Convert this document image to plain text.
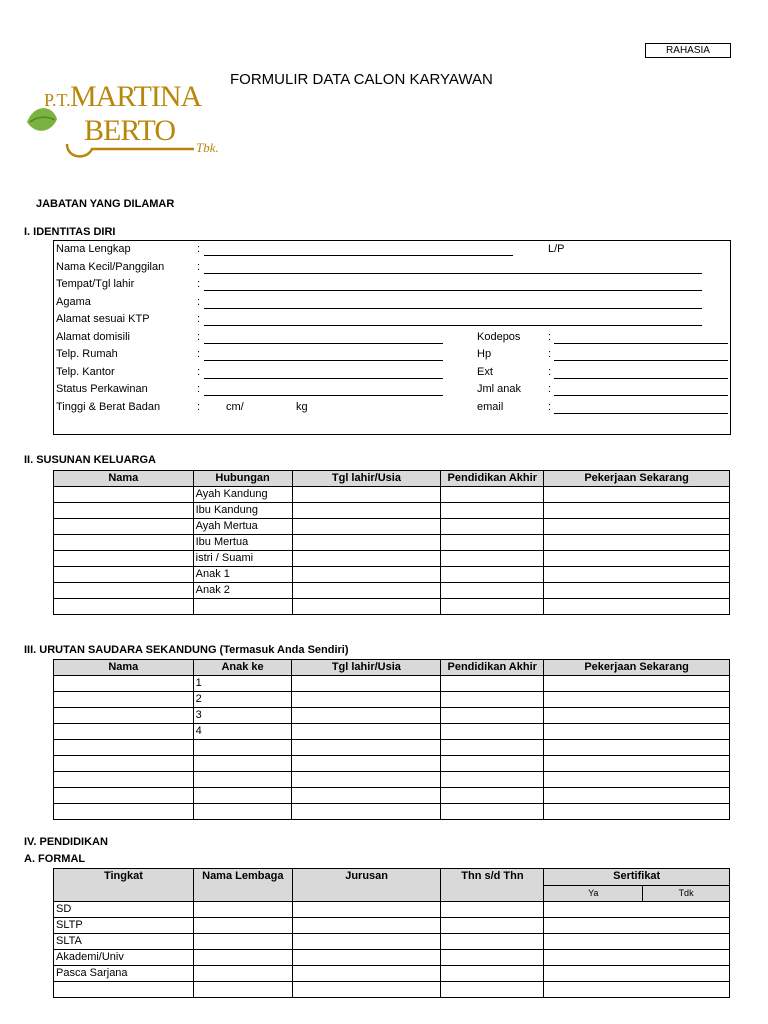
RAHASIA
FORMULIR DATA CALON KARYAWAN
P.T. MARTINA
BERTO
Tbk.
JABATAN YANG DILAMAR
I. IDENTITAS DIRI
Nama Lengkap	:	L/P
Nama Kecil/Panggilan	:
Tempat/Tgl lahir	:
Agama	:
Alamat sesuai KTP	:
Alamat domisili	:	Kodepos	:
Telp. Rumah	:	Hp	:
Telp. Kantor	:	Ext	:
Status Perkawinan	:	Jml anak :
Tinggi & Berat Badan	: cm/	kg	email	:
II. SUSUNAN KELUARGA
Nama	Hubungan	Tgl lahir/Usia	Pendidikan Akhir	Pekerjaan Sekarang
	Ayah Kandung			
	Ibu Kandung			
	Ayah Mertua			
	Ibu Mertua			
	istri / Suami			
	Anak 1			
	Anak 2			

III. URUTAN SAUDARA SEKANDUNG (Termasuk Anda Sendiri)
Nama	Anak ke	Tgl lahir/Usia	Pendidikan Akhir	Pekerjaan Sekarang
	1			
	2			
	3			
	4			

IV. PENDIDIKAN
A. FORMAL
Tingkat	Nama Lembaga	Jurusan	Thn s/d Thn	Sertifikat	
				Ya	Tdk
SD					
SLTP					
SLTA					
Akademi/Univ					
Pasca Sarjana					
